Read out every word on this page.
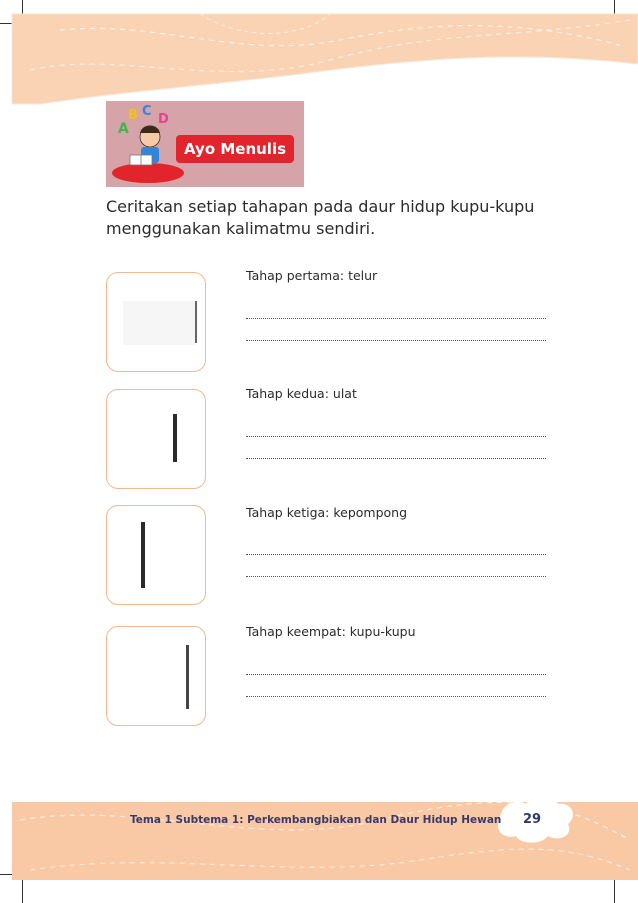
A
B C
D
Ayo Menulis
Ceritakan setiap tahapan pada daur hidup kupu-kupu menggunakan kalimatmu sendiri.
Tahap pertama: telur
Tahap kedua: ulat
Tahap ketiga: kepompong
Tahap keempat: kupu-kupu
Tema 1 Subtema 1: Perkembangbiakan dan Daur Hidup Hewan 29
